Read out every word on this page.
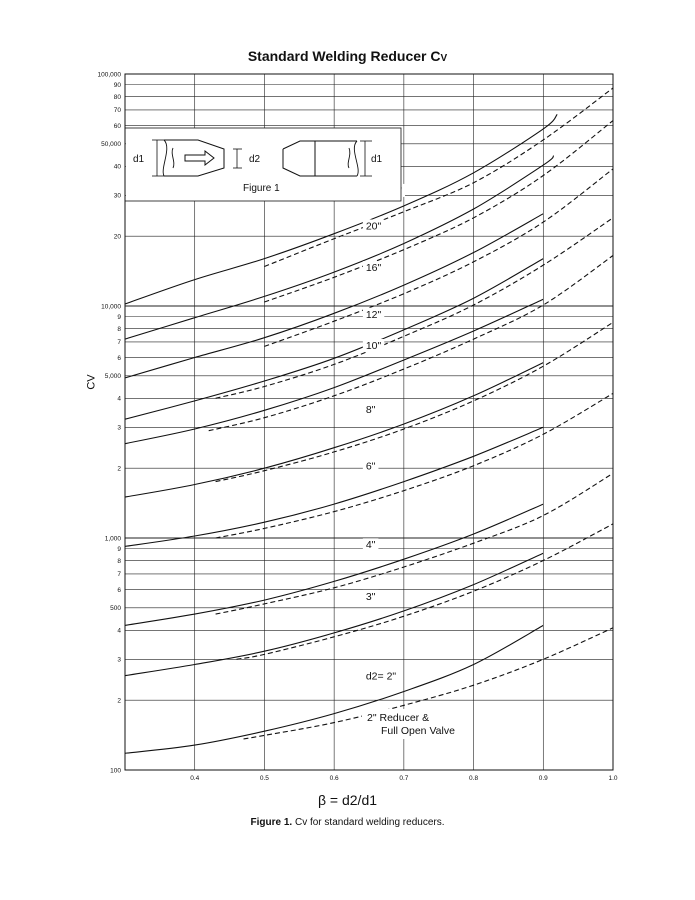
Standard Welding Reducer CV
100
2
3
4
500
6
7
8
9
1,000
2
3
4
5,000
6
7
8
9
10,000
20
30
40
50,000
60
70
80
90
100,000
0.4	0.5	0.6	0.7	0.8	0.9	1.0
20"
16"
12"
10"
8"
6"
4"
3"
d2= 2"
2" Reducer &
Full Open Valve
d1	d2	d1
Figure 1
CV
β = d2/d1
Figure 1. Cv for standard welding reducers.
